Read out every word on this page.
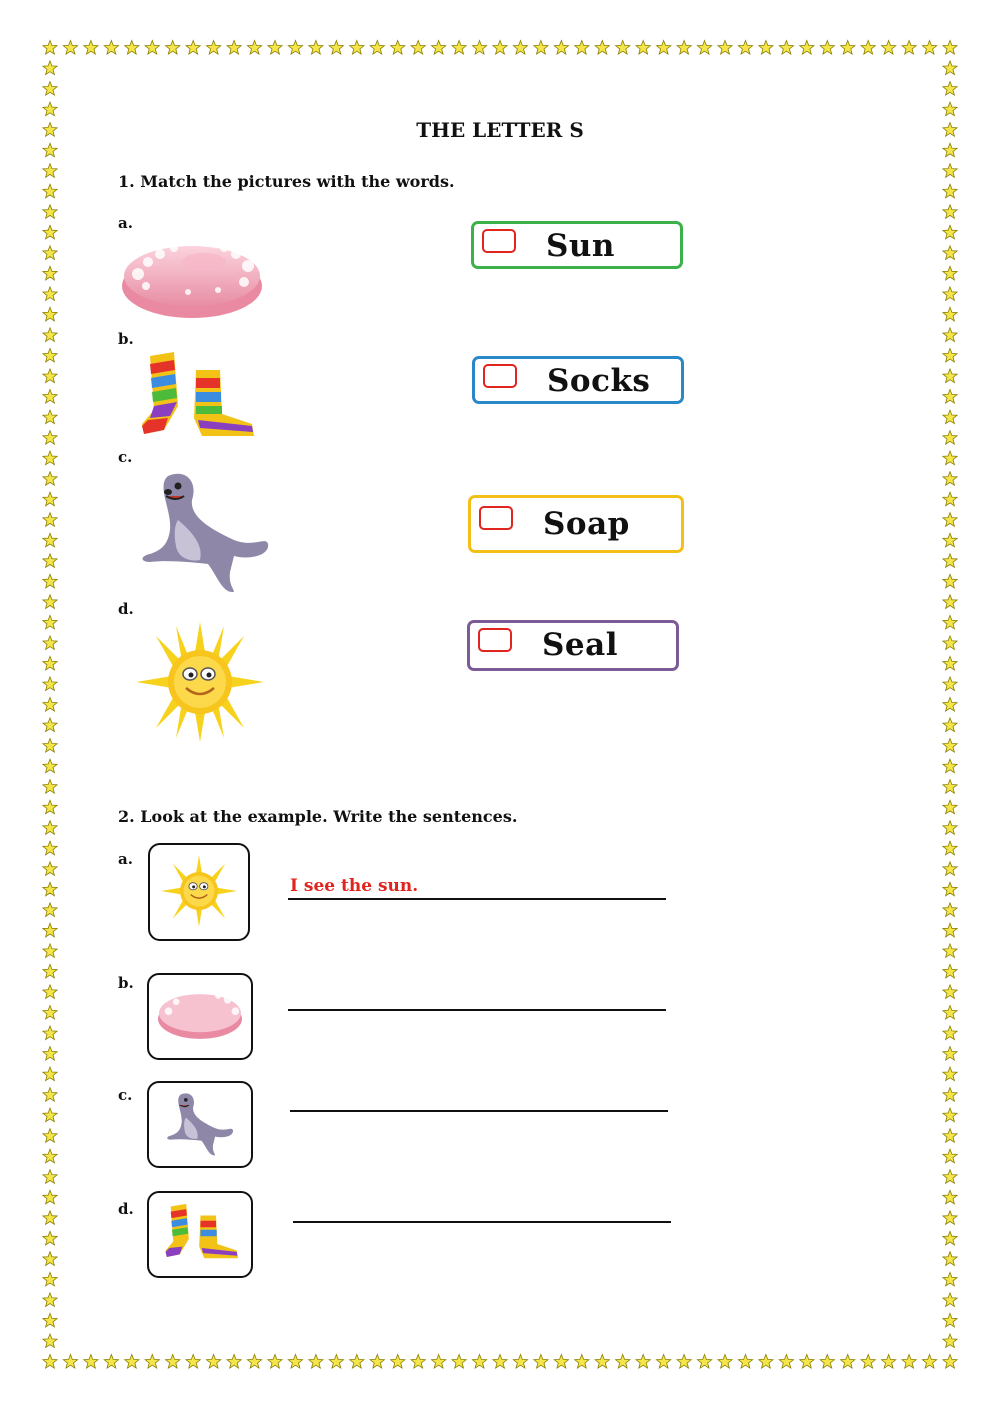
THE LETTER S
1. Match the pictures with the words.
a.
b.
c.
d.
Sun
Socks
Soap
Seal
2. Look at the example. Write the sentences.
a.
b.
c.
d.
I see the sun.
